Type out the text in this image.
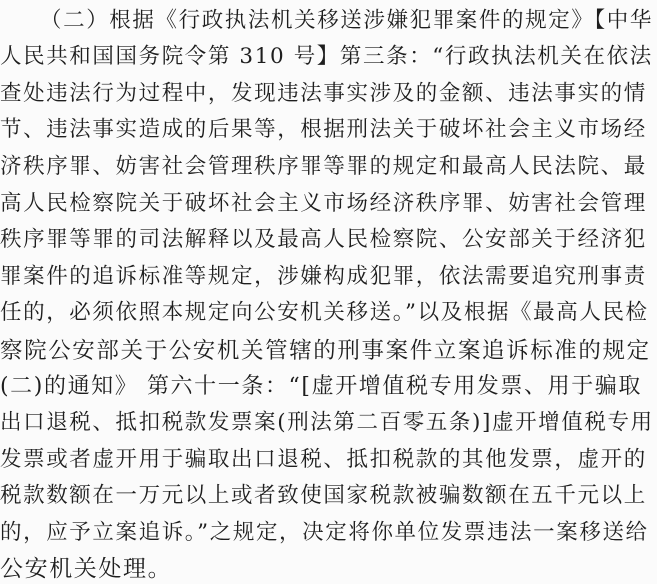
（二）根据《行政执法机关移送涉嫌犯罪案件的规定》【中华
人民共和国国务院令第 310 号】第三条：“行政执法机关在依法
查处违法行为过程中，发现违法事实涉及的金额、违法事实的情
节、违法事实造成的后果等，根据刑法关于破坏社会主义市场经
济秩序罪、妨害社会管理秩序罪等罪的规定和最高人民法院、最
高人民检察院关于破坏社会主义市场经济秩序罪、妨害社会管理
秩序罪等罪的司法解释以及最高人民检察院、公安部关于经济犯
罪案件的追诉标准等规定，涉嫌构成犯罪，依法需要追究刑事责
任的，必须依照本规定向公安机关移送。”以及根据《最高人民检
察院公安部关于公安机关管辖的刑事案件立案追诉标准的规定
(二)的通知》 第六十一条：“[虚开增值税专用发票、用于骗取
出口退税、抵扣税款发票案(刑法第二百零五条)]虚开增值税专用
发票或者虚开用于骗取出口退税、抵扣税款的其他发票，虚开的
税款数额在一万元以上或者致使国家税款被骗数额在五千元以上
的，应予立案追诉。”之规定，决定将你单位发票违法一案移送给
公安机关处理。
